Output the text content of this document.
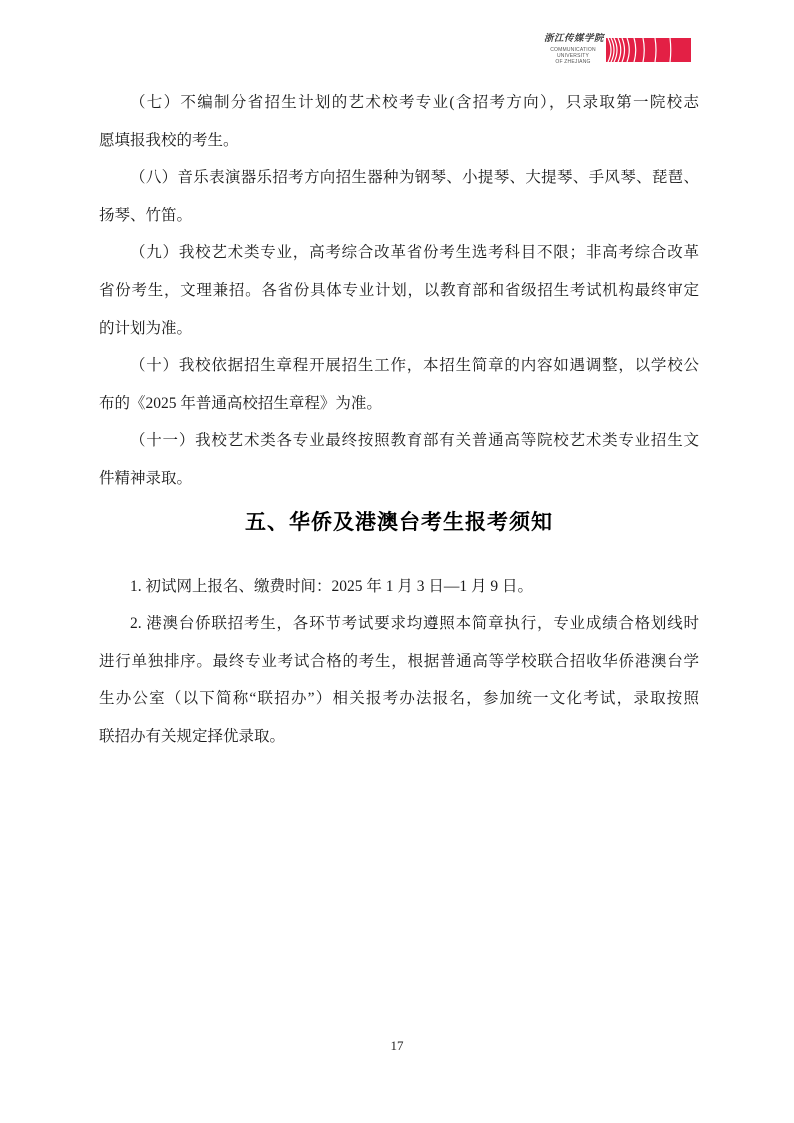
浙江传媒学院
COMMUNICATION
UNIVERSITY
OF ZHEJIANG
（七）不编制分省招生计划的艺术校考专业(含招考方向），只录取第一院校志
愿填报我校的考生。
（八）音乐表演器乐招考方向招生器种为钢琴、小提琴、大提琴、手风琴、琵琶、
扬琴、竹笛。
（九）我校艺术类专业，高考综合改革省份考生选考科目不限；非高考综合改革
省份考生，文理兼招。各省份具体专业计划，以教育部和省级招生考试机构最终审定
的计划为准。
（十）我校依据招生章程开展招生工作，本招生简章的内容如遇调整，以学校公
布的《2025 年普通高校招生章程》为准。
（十一）我校艺术类各专业最终按照教育部有关普通高等院校艺术类专业招生文
件精神录取。
五、华侨及港澳台考生报考须知
1. 初试网上报名、缴费时间：2025 年 1 月 3 日—1 月 9 日。
2. 港澳台侨联招考生，各环节考试要求均遵照本简章执行，专业成绩合格划线时
进行单独排序。最终专业考试合格的考生，根据普通高等学校联合招收华侨港澳台学
生办公室（以下简称“联招办”）相关报考办法报名，参加统一文化考试，录取按照
联招办有关规定择优录取。
17
